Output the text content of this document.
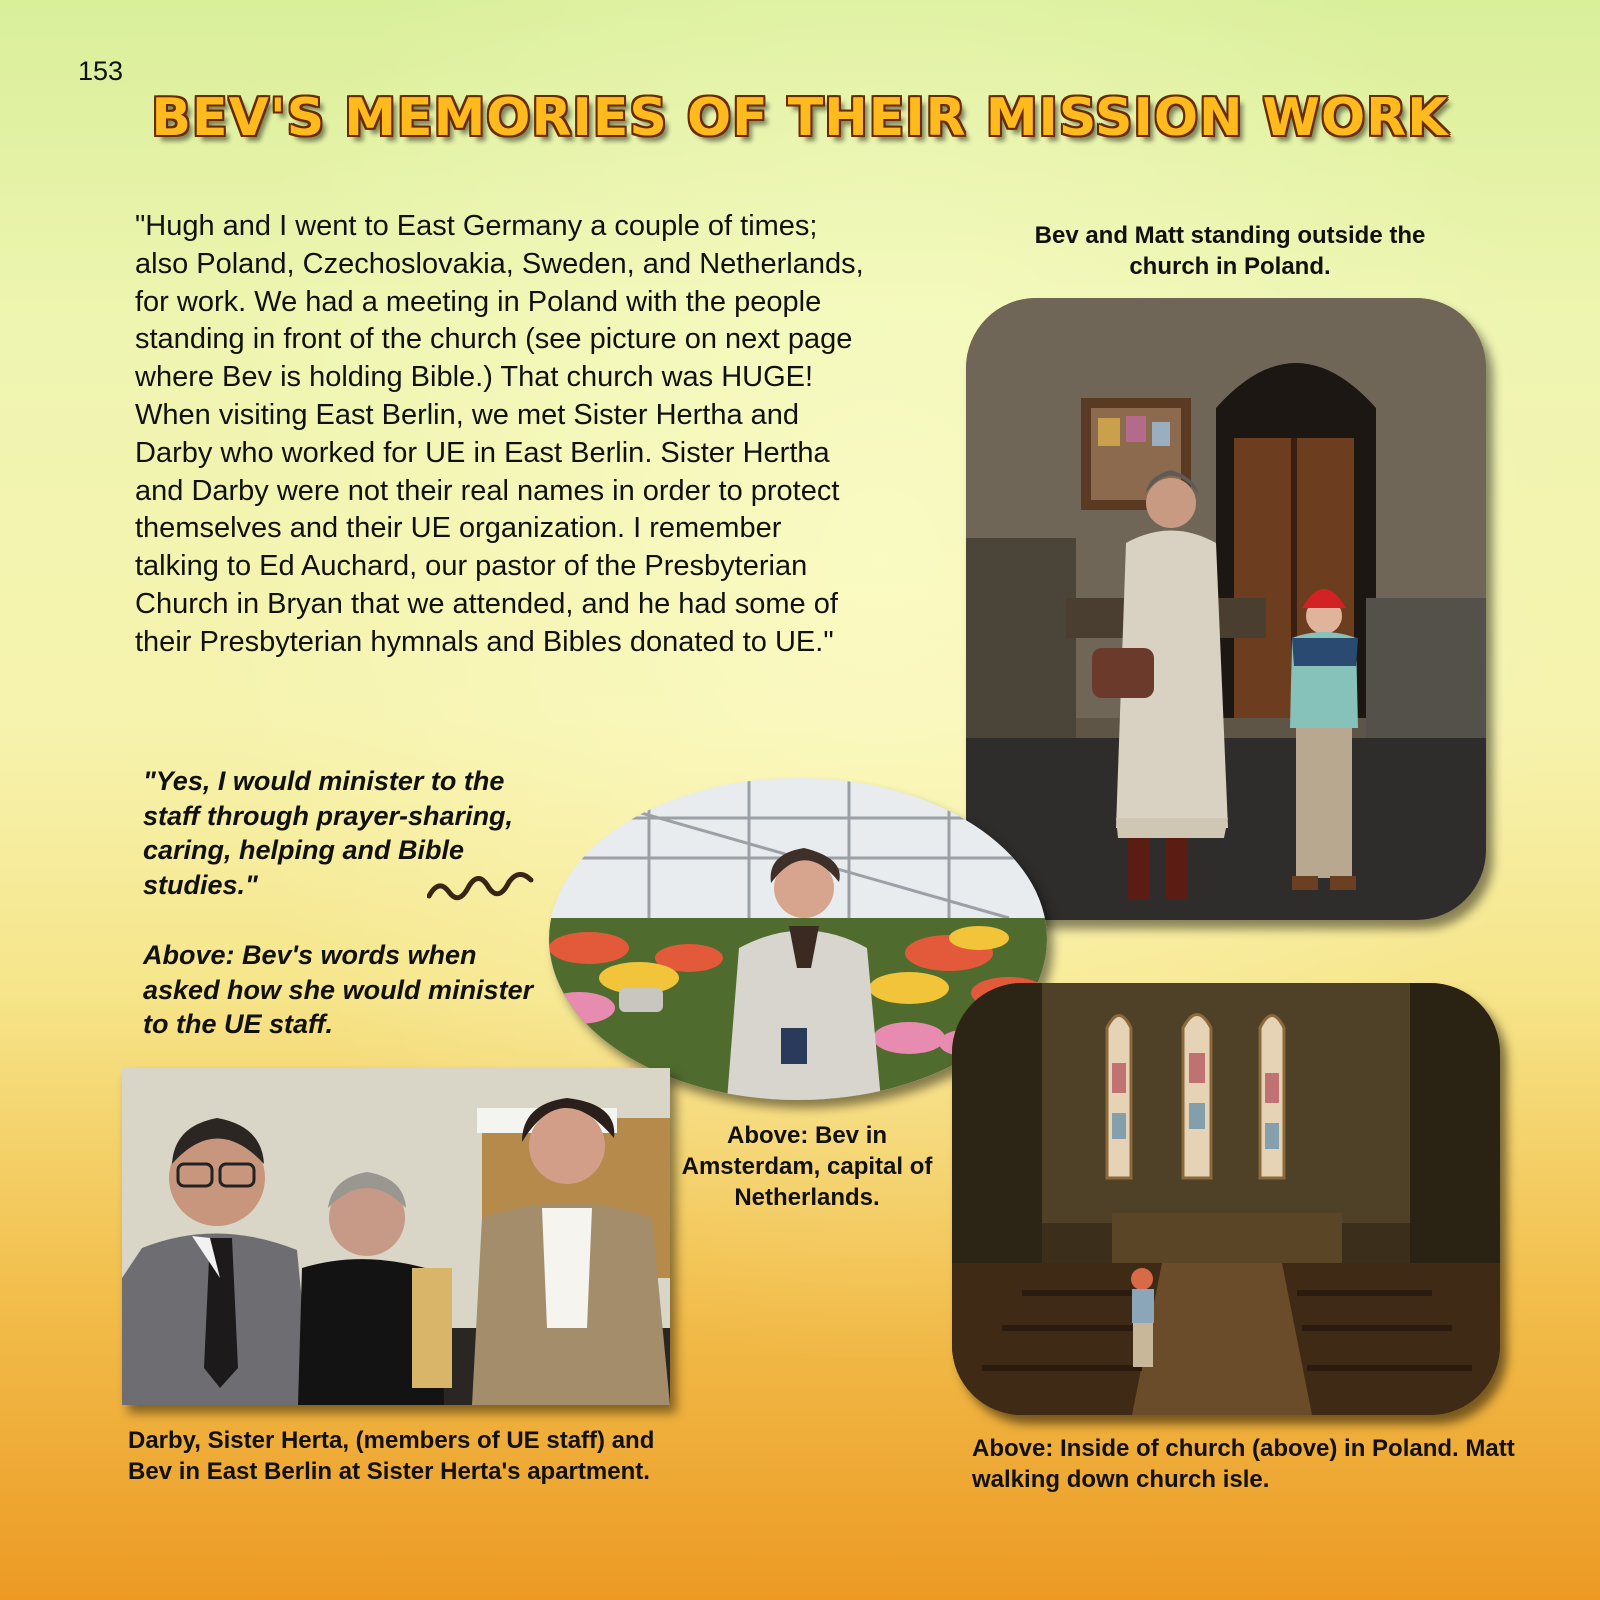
153
BEV'S MEMORIES OF THEIR MISSION WORK

"Hugh and I went to East Germany a couple of times; also Poland, Czechoslovakia, Sweden, and Netherlands, for work. We had a meeting in Poland with the people standing in front of the church (see picture on next page where Bev is holding Bible.) That church was HUGE! When visiting East Berlin, we met Sister Hertha and Darby who worked for UE in East Berlin. Sister Hertha and Darby were not their real names in order to protect themselves and their UE organization. I remember talking to Ed Auchard, our pastor of the Presbyterian Church in Bryan that we attended, and he had some of their Presbyterian hymnals and Bibles donated to UE."

"Yes, I would minister to the staff through prayer-sharing, caring, helping and Bible studies."

Above: Bev's words when asked how she would minister to the UE staff.

Bev and Matt standing outside the church in Poland.

Above: Bev in Amsterdam, capital of Netherlands.

Darby, Sister Herta, (members of UE staff) and Bev in East Berlin at Sister Herta's apartment.

Above: Inside of church (above) in Poland. Matt walking down church isle.
